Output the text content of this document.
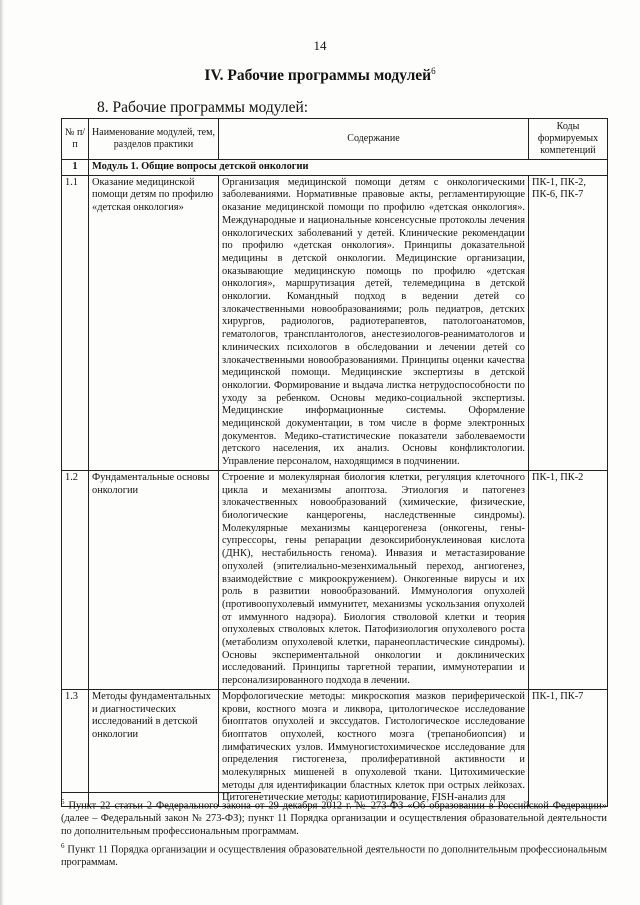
14
IV. Рабочие программы модулей$^6$
8. Рабочие программы модулей:
№ п/п	Наименование модулей, тем, разделов практики	Содержание	Коды формируемых компетенций
1	Модуль 1. Общие вопросы детской онкологии		
1.1	Оказание медицинской помощи детям по профилю «детская онкология»	Организация медицинской помощи детям с онкологическими заболеваниями. Нормативные правовые акты, регламентирующие оказание медицинской помощи по профилю «детская онкология». Международные и национальные консенсусные протоколы лечения онкологических заболеваний у детей. Клинические рекомендации по профилю «детская онкология». Принципы доказательной медицины в детской онкологии. Медицинские организации, оказывающие медицинскую помощь по профилю «детская онкология», маршрутизация детей, телемедицина в детской онкологии. Командный подход в ведении детей со злокачественными новообразованиями; роль педиатров, детских хирургов, радиологов, радиотерапевтов, патологоанатомов, гематологов, трансплантологов, анестезиологов-реаниматологов и клинических психологов в обследовании и лечении детей со злокачественными новообразованиями. Принципы оценки качества медицинской помощи. Медицинские экспертизы в детской онкологии. Формирование и выдача листка нетрудоспособности по уходу за ребенком. Основы медико-социальной экспертизы. Медицинские информационные системы. Оформление медицинской документации, в том числе в форме электронных документов. Медико-статистические показатели заболеваемости детского населения, их анализ. Основы конфликтологии. Управление персоналом, находящимся в подчинении.	ПК-1, ПК-2, ПК-6, ПК-7
1.2	Фундаментальные основы онкологии	Строение и молекулярная биология клетки, регуляция клеточного цикла и механизмы апоптоза. Этиология и патогенез злокачественных новообразований (химические, физические, биологические канцерогены, наследственные синдромы). Молекулярные механизмы канцерогенеза (онкогены, гены-супрессоры, гены репарации дезоксирибонуклеиновая кислота (ДНК), нестабильность генома). Инвазия и метастазирование опухолей (эпителиально-мезенхимальный переход, ангиогенез, взаимодействие с микроокружением). Онкогенные вирусы и их роль в развитии новообразований. Иммунология опухолей (противоопухолевый иммунитет, механизмы ускользания опухолей от иммунного надзора). Биология стволовой клетки и теория опухолевых стволовых клеток. Патофизиология опухолевого роста (метаболизм опухолевой клетки, паранеопластические синдромы). Основы экспериментальной онкологии и доклинических исследований. Принципы таргетной терапии, иммунотерапии и персонализированного подхода в лечении.	ПК-1, ПК-2
1.3	Методы фундаментальных и диагностических исследований в детской онкологии	Морфологические методы: микроскопия мазков периферической крови, костного мозга и ликвора, цитологическое исследование биоптатов опухолей и экссудатов. Гистологическое исследование биоптатов опухолей, костного мозга (трепанобиопсия) и лимфатических узлов. Иммуногистохимическое исследование для определения гистогенеза, пролиферативной активности и молекулярных мишеней в опухолевой ткани. Цитохимические методы для идентификации бластных клеток при острых лейкозах. Цитогенетические методы: кариотипирование, FISH-анализ для	ПК-1, ПК-7

$^5$ Пункт 22 статьи 2 Федерального закона от 29 декабря 2012 г. № 273-ФЗ «Об образовании в Российской Федерации» (далее – Федеральный закон № 273-ФЗ); пункт 11 Порядка организации и осуществления образовательной деятельности по дополнительным профессиональным программам.

$^6$ Пункт 11 Порядка организации и осуществления образовательной деятельности по дополнительным профессиональным программам.
